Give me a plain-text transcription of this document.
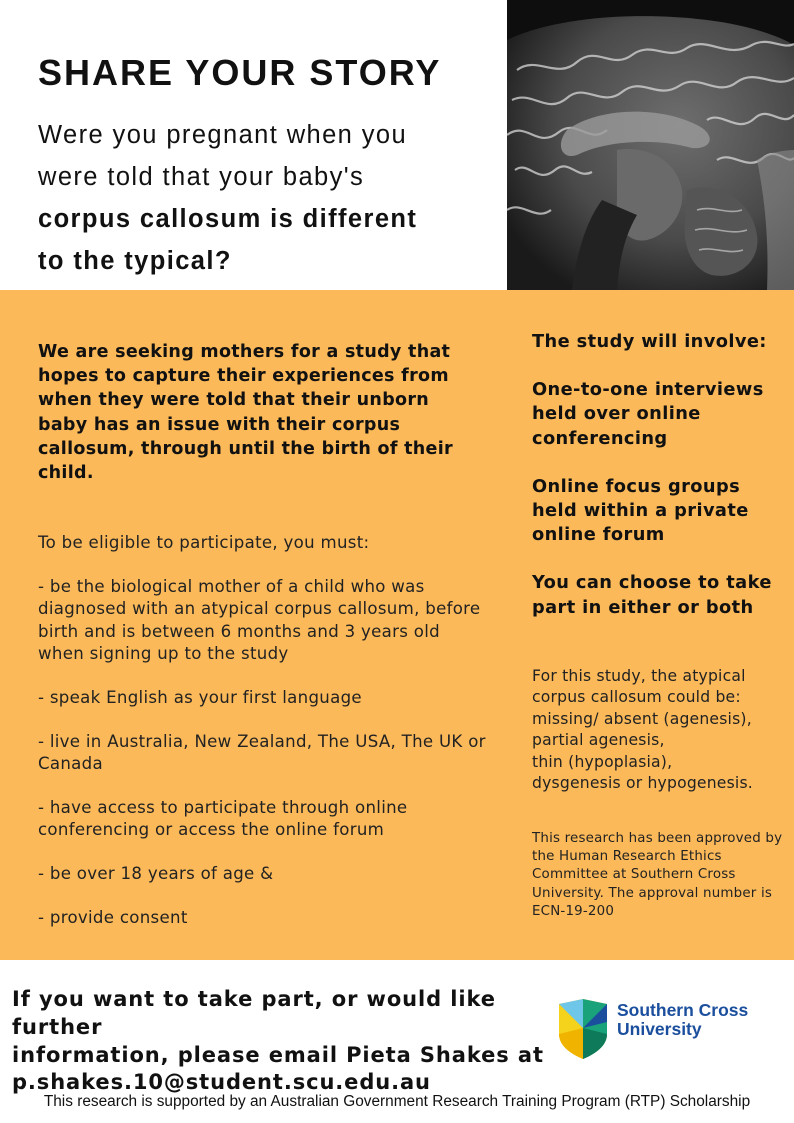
SHARE YOUR STORY
Were you pregnant when you
were told that your baby's
corpus callosum is different
to the typical?
We are seeking mothers for a study that hopes to capture their experiences from when they were told that their unborn baby has an issue with their corpus callosum, through until the birth of their child.
To be eligible to participate, you must:
- be the biological mother of a child who was diagnosed with an atypical corpus callosum, before birth and is between 6 months and 3 years old when signing up to the study
- speak English as your first language
- live in Australia, New Zealand, The USA, The UK or Canada
- have access to participate through online conferencing or access the online forum
- be over 18 years of age &
- provide consent
The study will involve:
One-to-one interviews held over online conferencing
Online focus groups held within a private online forum
You can choose to take part in either or both
For this study, the atypical corpus callosum could be:
missing/ absent (agenesis),
partial agenesis,
thin (hypoplasia),
dysgenesis or hypogenesis.
This research has been approved by the Human Research Ethics Committee at Southern Cross University. The approval number is ECN-19-200
If you want to take part, or would like further
information, please email Pieta Shakes at
p.shakes.10@student.scu.edu.au
Southern Cross
University
This research is supported by an Australian Government Research Training Program (RTP) Scholarship
